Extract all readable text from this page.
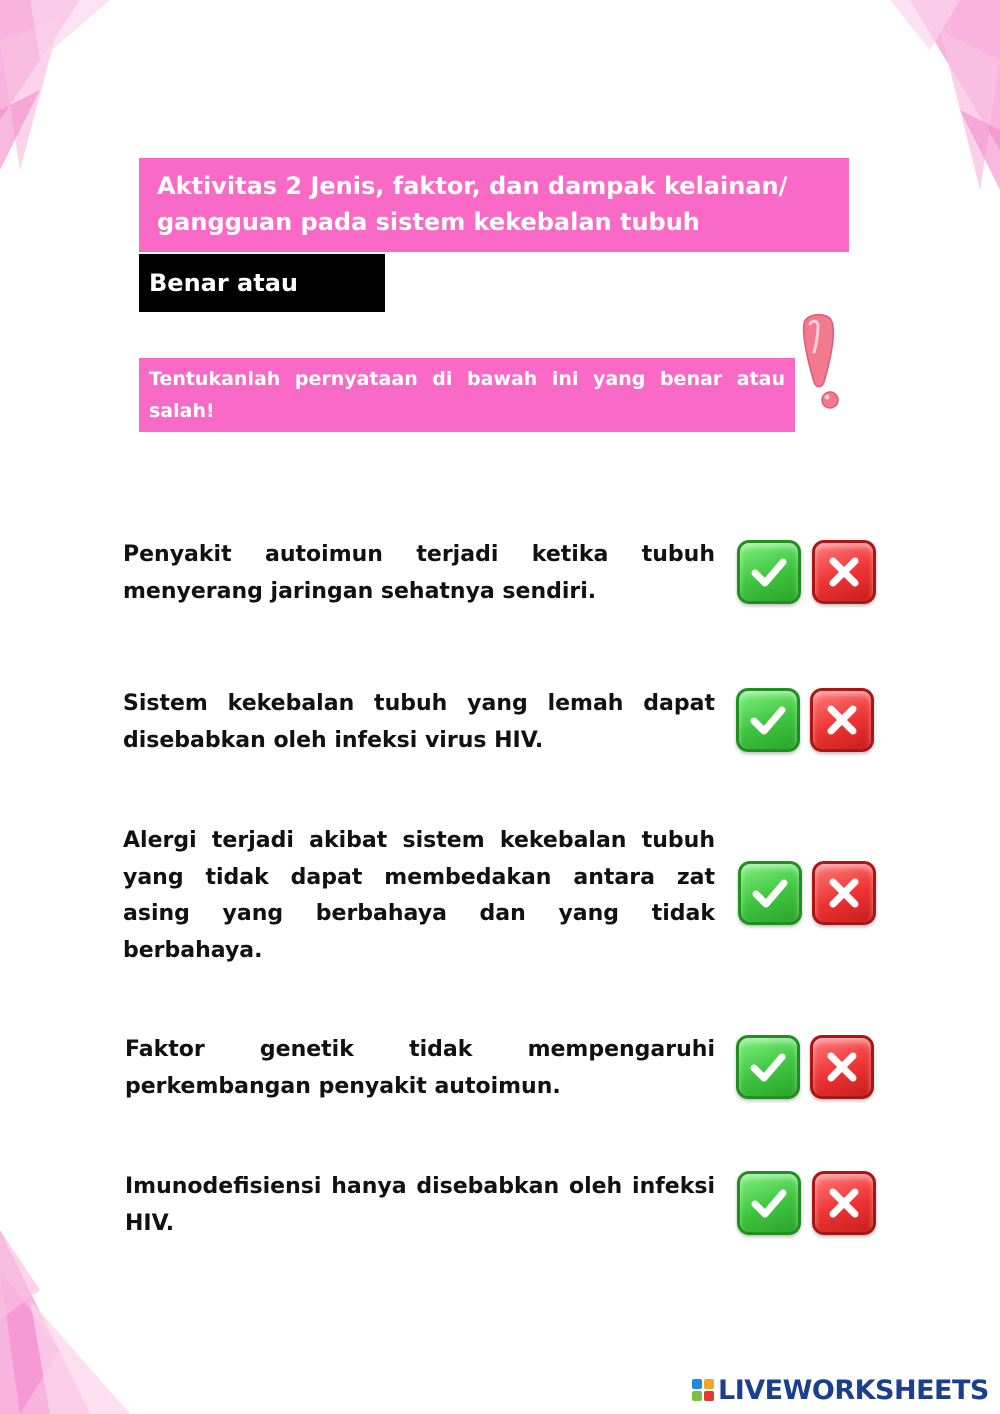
Aktivitas 2 Jenis, faktor, dan dampak kelainan/
gangguan pada sistem kekebalan tubuh
Benar atau Salah
Tentukanlah pernyataan di bawah ini yang benar atau salah!
Penyakit autoimun terjadi ketika tubuh menyerang jaringan sehatnya sendiri.
Sistem kekebalan tubuh yang lemah dapat disebabkan oleh infeksi virus HIV.
Alergi terjadi akibat sistem kekebalan tubuh yang tidak dapat membedakan antara zat asing yang berbahaya dan yang tidak berbahaya.
Faktor genetik tidak mempengaruhi perkembangan penyakit autoimun.
Imunodefisiensi hanya disebabkan oleh infeksi HIV.
LIVEWORKSHEETS
